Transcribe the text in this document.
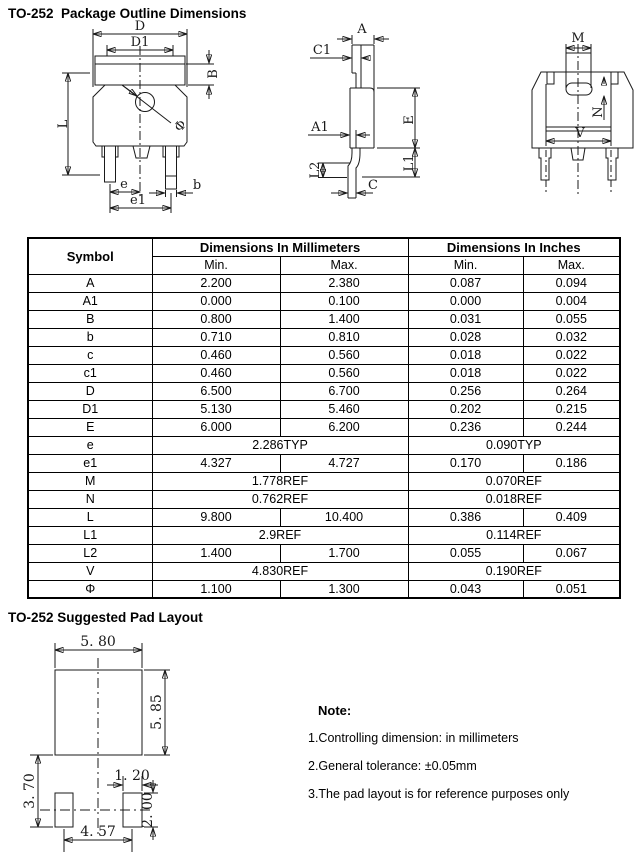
TO-252  Package Outline Dimensions
D
D1
B
Φ
L
e
e1
b
A
C1
A1	E
L1
L2
C
M
N
V
Symbol	Dimensions In Millimeters		Dimensions In Inches	
	Min.	Max.	Min.	Max.
A	2.200	2.380	0.087	0.094
A1	0.000	0.100	0.000	0.004
B	0.800	1.400	0.031	0.055
b	0.710	0.810	0.028	0.032
c	0.460	0.560	0.018	0.022
c1	0.460	0.560	0.018	0.022
D	6.500	6.700	0.256	0.264
D1	5.130	5.460	0.202	0.215
E	6.000	6.200	0.236	0.244
e	2.286TYP		0.090TYP	
e1	4.327	4.727	0.170	0.186
M	1.778REF		0.070REF	
N	0.762REF		0.018REF	
L	9.800	10.400	0.386	0.409
L1	2.9REF		0.114REF	
L2	1.400	1.700	0.055	0.067
V	4.830REF		0.190REF	
Φ	1.100	1.300	0.043	0.051
TO-252 Suggested Pad Layout
5. 80
5. 85
3. 70	1. 20
2. 00
4. 57
Note:
1.Controlling dimension: in millimeters
2.General tolerance: ±0.05mm
3.The pad layout is for reference purposes only
